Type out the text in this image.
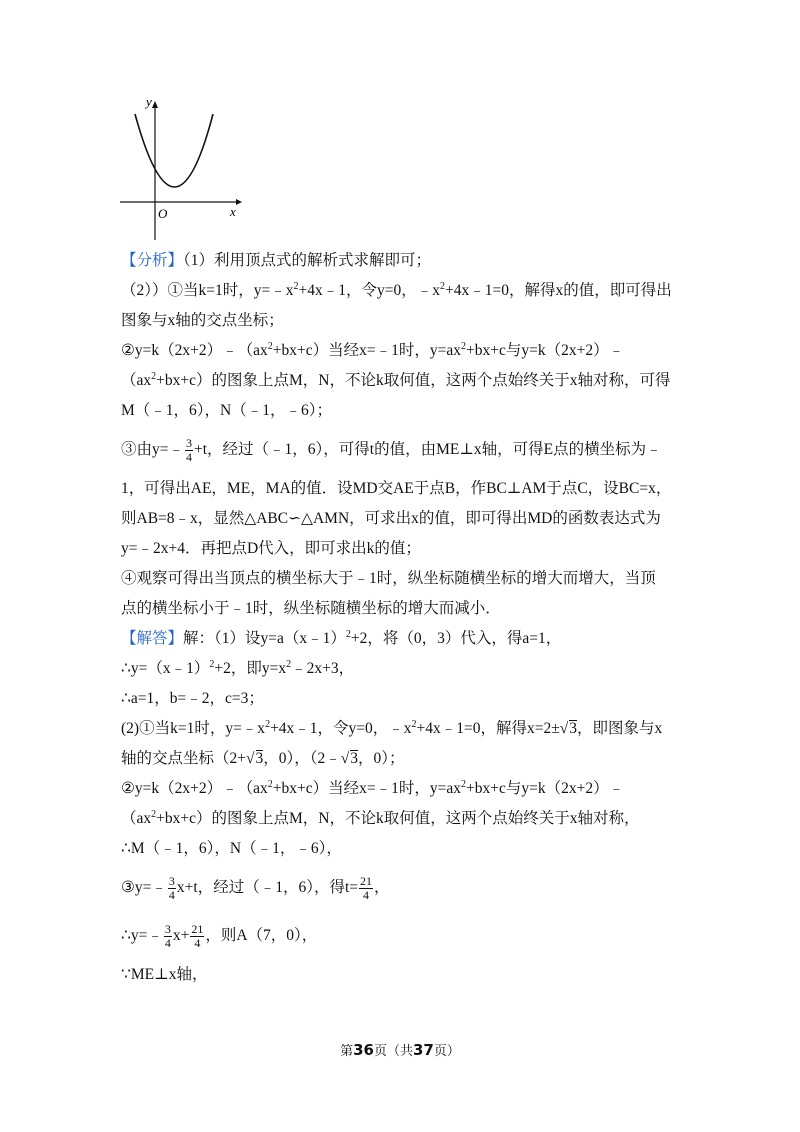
y
x
O
【分析】（1）利用顶点式的解析式求解即可；
（2））①当k=1时，$y=﹣x^2+4x﹣1$，令y=0，$﹣x^2+4x﹣1=0$，解得x的值，即可得出
图象与x轴的交点坐标；
$②y=k(2x+2)﹣(ax^2+bx+c)$当经x=﹣1时，$y=ax^2+bx+c$与y=k（2x+2）﹣
$(ax^2+bx+c)$的图象上点M，N，不论k取何值，这两个点始终关于x轴对称，可得
M（﹣1，6），N（﹣1，﹣6）；
③由y=﹣ $\frac{3}{4} +t$，经过（﹣1，6），可得t的值，由ME⊥x轴，可得E点的横坐标为﹣
1，可得出AE，ME，MA的值．设MD交AE于点B，作BC⊥AM于点C，设BC=x，
则AB=8﹣x，显然△ABC∽△AMN，可求出x的值，即可得出MD的函数表达式为
y=﹣2x+4．再把点D代入，即可求出k的值；
④观察可得出当顶点的横坐标大于﹣1时，纵坐标随横坐标的增大而增大，当顶
点的横坐标小于﹣1时，纵坐标随横坐标的增大而减小．
【解答】解：（1）设y=a（x﹣1）$^2$+2，将（0，3）代入，得a=1，
∴y=（x﹣1）$^2$+2，即$y=x^2﹣2x+3$，
∴a=1，b=﹣2，c=3；
(2)①当k=1时，$y=﹣x^2+4x﹣1$，令y=0，$﹣x^2+4x﹣1=0$，解得x=2±√3，即图象与x
轴的交点坐标（2+√3，0），（2﹣√3，0）；
$②y=k(2x+2)﹣(ax^2+bx+c)$当经x=﹣1时，$y=ax^2+bx+c$与y=k（2x+2）﹣
$(ax^2+bx+c)$的图象上点M，N，不论k取何值，这两个点始终关于x轴对称，
∴M（﹣1，6），N（﹣1，﹣6），
③y=﹣ $\frac{3}{4} x+t$，经过（﹣1，6），得$t= \frac{21}{4}$ ，
∴y=﹣ $\frac{3}{4} x+ \frac{21}{4}$ ，则A（7，0），
∵ME⊥x轴，
第36页（共37页）
